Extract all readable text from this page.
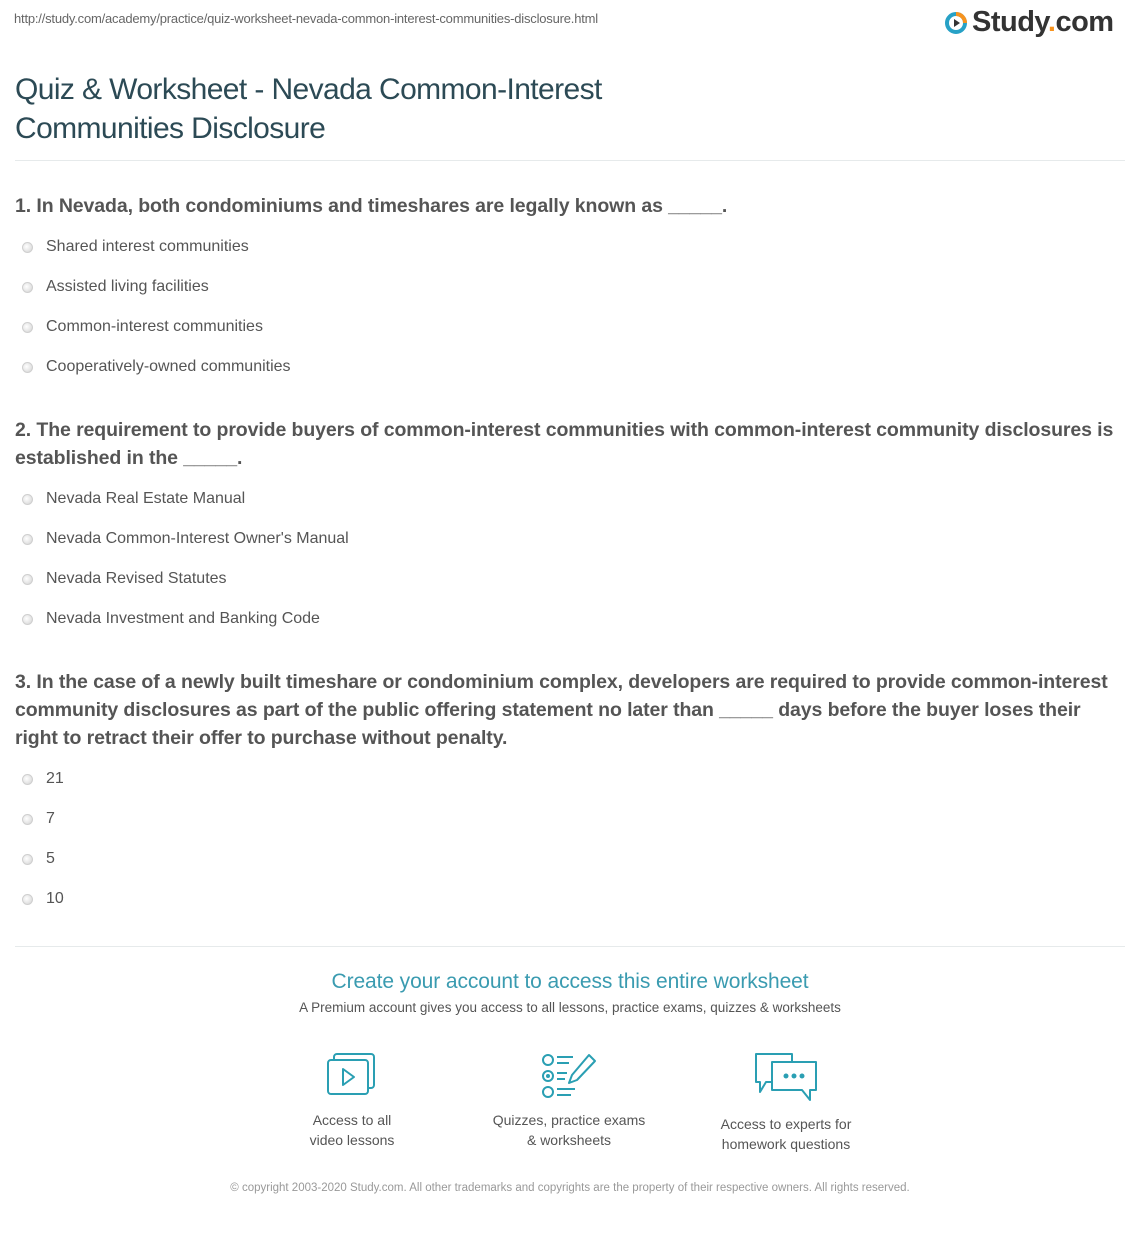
http://study.com/academy/practice/quiz-worksheet-nevada-common-interest-communities-disclosure.html	Study.com
Quiz & Worksheet - Nevada Common-Interest Communities Disclosure
1. In Nevada, both condominiums and timeshares are legally known as _____.
Shared interest communities
Assisted living facilities
Common-interest communities
Cooperatively-owned communities
2. The requirement to provide buyers of common-interest communities with common-interest community disclosures is established in the _____.
Nevada Real Estate Manual
Nevada Common-Interest Owner's Manual
Nevada Revised Statutes
Nevada Investment and Banking Code
3. In the case of a newly built timeshare or condominium complex, developers are required to provide common-interest community disclosures as part of the public offering statement no later than _____ days before the buyer loses their right to retract their offer to purchase without penalty.
21
7
5
10
Create your account to access this entire worksheet
A Premium account gives you access to all lessons, practice exams, quizzes & worksheets
Access to all
video lessons
Quizzes, practice exams
& worksheets
Access to experts for
homework questions
© copyright 2003-2020 Study.com. All other trademarks and copyrights are the property of their respective owners. All rights reserved.
